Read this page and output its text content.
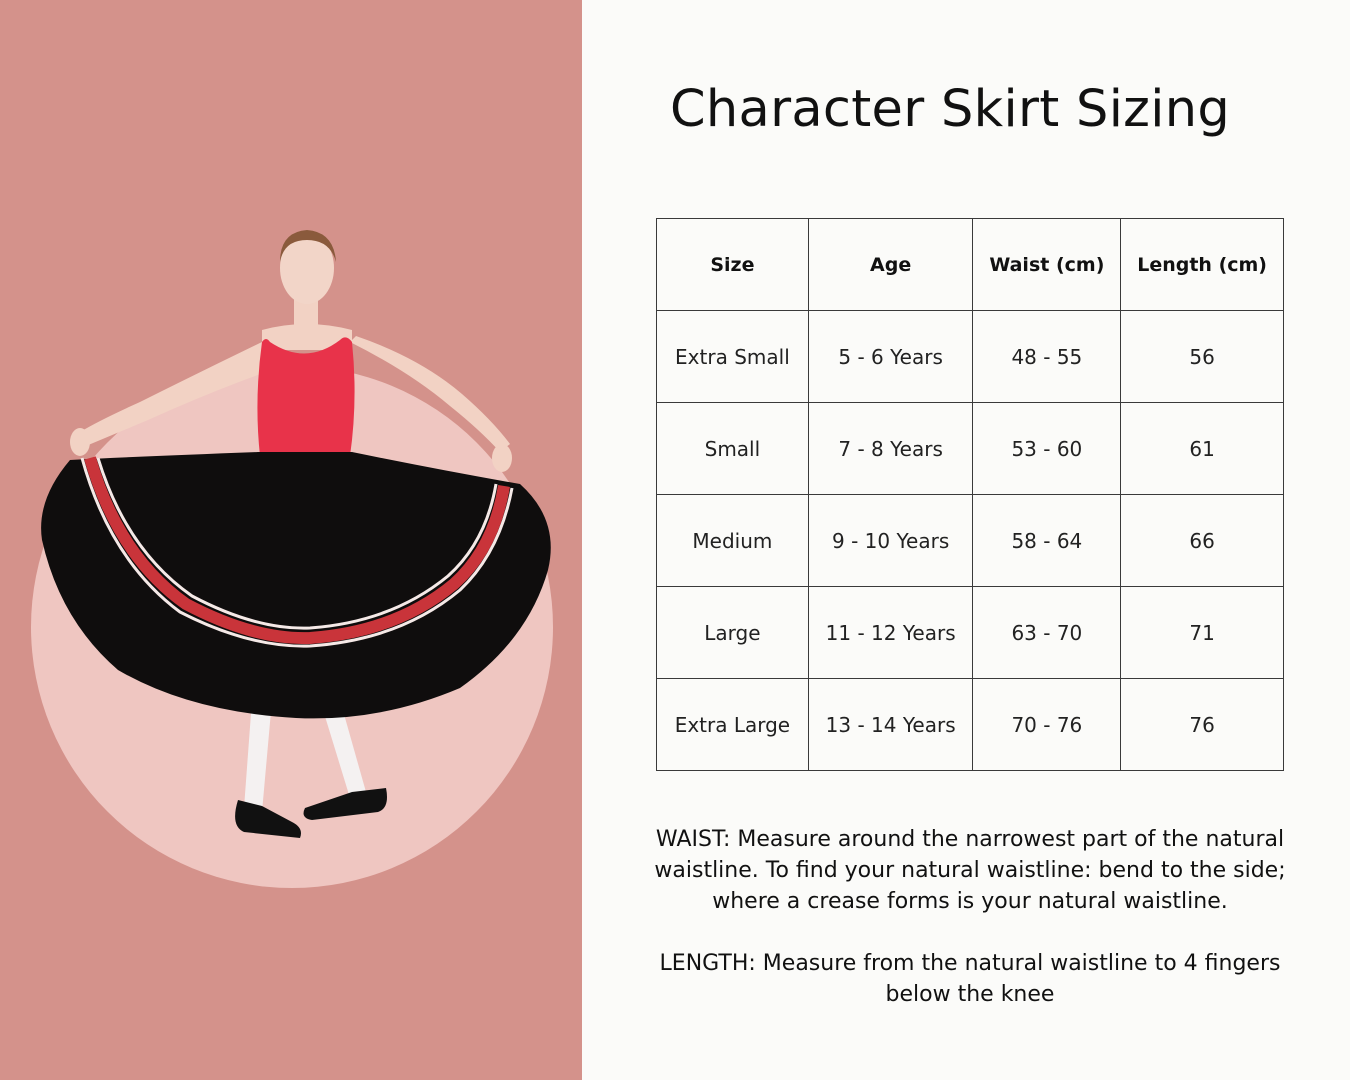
Character Skirt Sizing
Size	Age	Waist (cm)	Length (cm)
Extra Small	5 - 6 Years	48 - 55	56
Small	7 - 8 Years	53 - 60	61
Medium	9 - 10 Years	58 - 64	66
Large	11 - 12 Years	63 - 70	71
Extra Large	13 - 14 Years	70 - 76	76

WAIST: Measure around the narrowest part of the natural waistline. To find your natural waistline: bend to the side; where a crease forms is your natural waistline.

LENGTH: Measure from the natural waistline to 4 fingers below the knee
